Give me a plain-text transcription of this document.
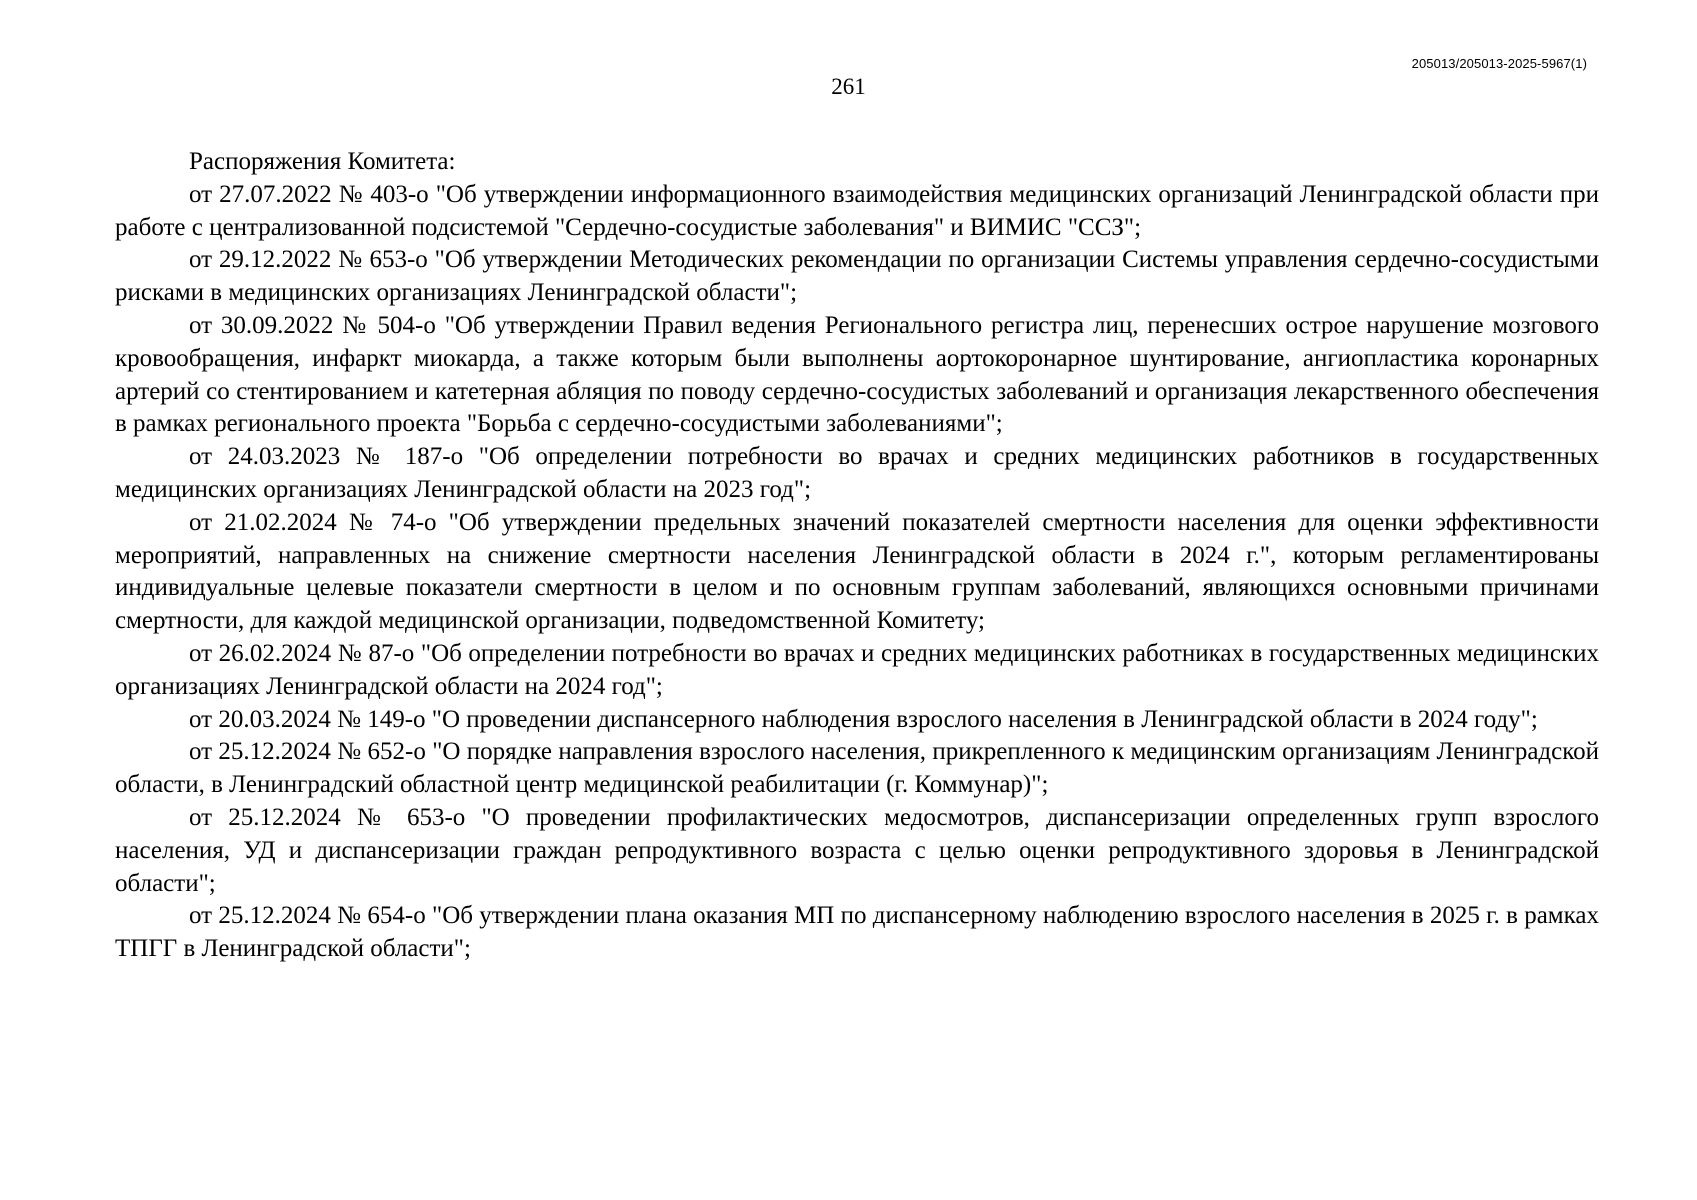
205013/205013-2025-5967(1)
261

Распоряжения Комитета:

от 27.07.2022 № 403-о "Об утверждении информационного взаимодействия медицинских организаций Ленинградской области при работе с централизованной подсистемой "Сердечно-сосудистые заболевания" и ВИМИС "ССЗ";

от 29.12.2022 № 653-о "Об утверждении Методических рекомендации по организации Системы управления сердечно-сосудистыми рисками в медицинских организациях Ленинградской области";

от 30.09.2022 № 504-о "Об утверждении Правил ведения Регионального регистра лиц, перенесших острое нарушение мозгового кровообращения, инфаркт миокарда, а также которым были выполнены аортокоронарное шунтирование, ангиопластика коронарных артерий со стентированием и катетерная абляция по поводу сердечно-сосудистых заболеваний и организация лекарственного обеспечения в рамках регионального проекта "Борьба с сердечно-сосудистыми заболеваниями";

от 24.03.2023 № 187-о "Об определении потребности во врачах и средних медицинских работников в государственных медицинских организациях Ленинградской области на 2023 год";

от 21.02.2024 № 74-о "Об утверждении предельных значений показателей смертности населения для оценки эффективности мероприятий, направленных на снижение смертности населения Ленинградской области в 2024 г.", которым регламентированы индивидуальные целевые показатели смертности в целом и по основным группам заболеваний, являющихся основными причинами смертности, для каждой медицинской организации, подведомственной Комитету;

от 26.02.2024 № 87-о "Об определении потребности во врачах и средних медицинских работниках в государственных медицинских организациях Ленинградской области на 2024 год";

от 20.03.2024 № 149-о "О проведении диспансерного наблюдения взрослого населения в Ленинградской области в 2024 году";

от 25.12.2024 № 652-о "О порядке направления взрослого населения, прикрепленного к медицинским организациям Ленинградской области, в Ленинградский областной центр медицинской реабилитации (г. Коммунар)";

от 25.12.2024 № 653-о "О проведении профилактических медосмотров, диспансеризации определенных групп взрослого населения, УД и диспансеризации граждан репродуктивного возраста с целью оценки репродуктивного здоровья в Ленинградской области";

от 25.12.2024 № 654-о "Об утверждении плана оказания МП по диспансерному наблюдению взрослого населения в 2025 г. в рамках ТПГГ в Ленинградской области";
